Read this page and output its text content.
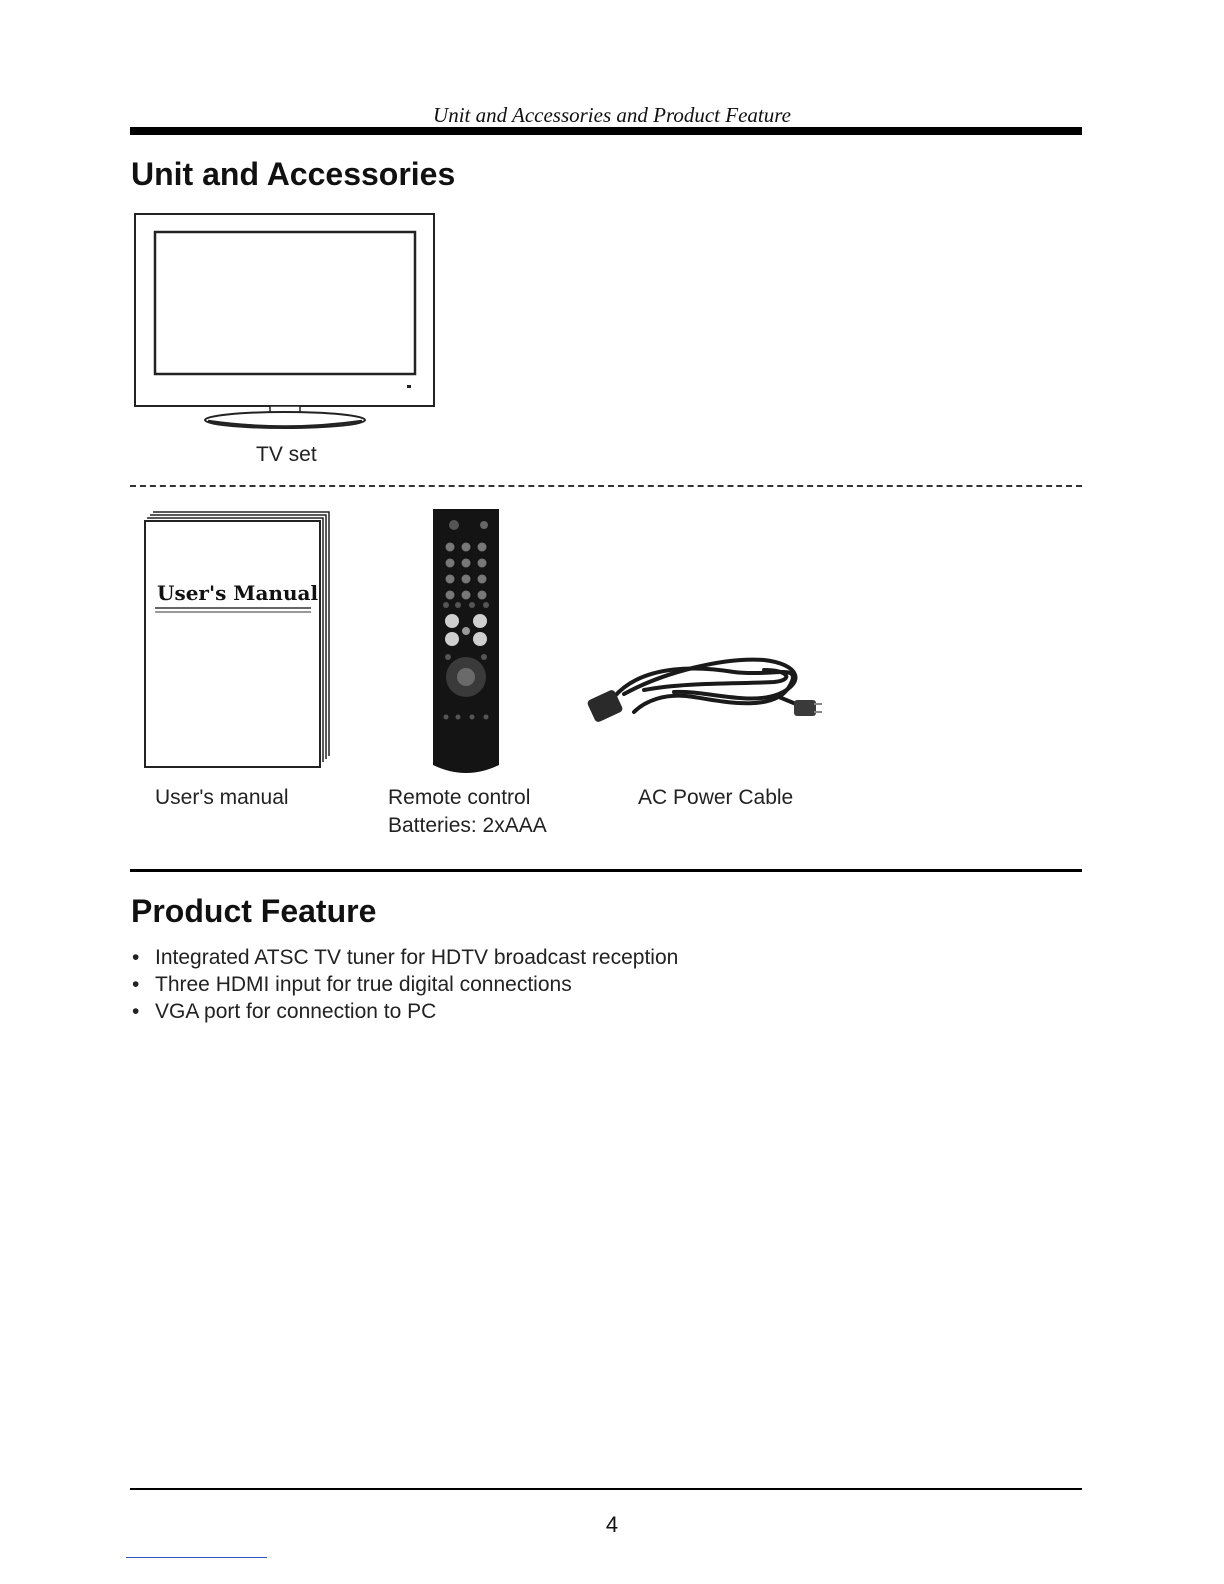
Unit and Accessories and Product Feature
Unit and Accessories
TV set
User's Manual
User's manual	Remote control
Batteries: 2xAAA
AC Power Cable
Product Feature
• Integrated ATSC TV tuner for HDTV broadcast reception
• Three HDMI input for true digital connections
• VGA port for connection to PC
4
